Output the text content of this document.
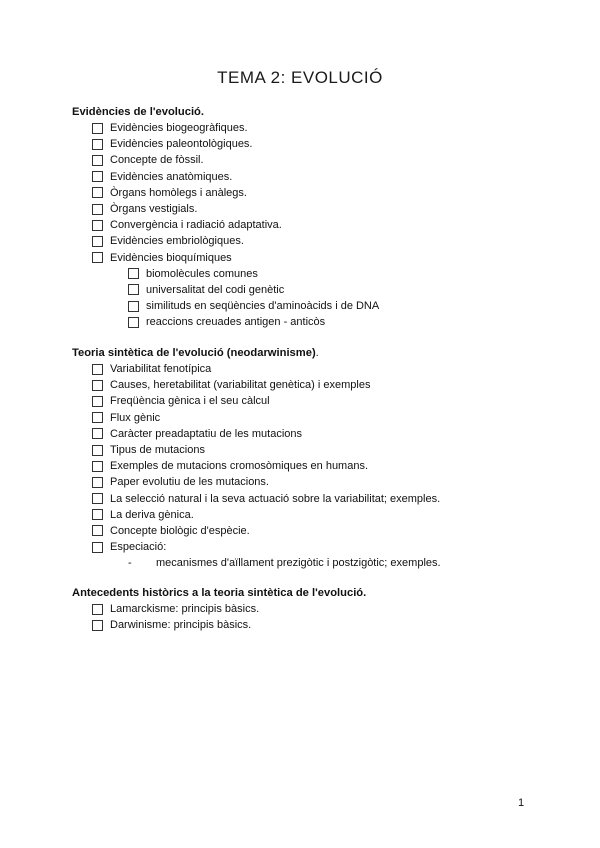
TEMA 2: EVOLUCIÓ
Evidències de l'evolució.
Evidències biogeogràfiques.
Evidències paleontològiques.
Concepte de fòssil.
Evidències anatòmiques.
Òrgans homòlegs i anàlegs.
Òrgans vestigials.
Convergència i radiació adaptativa.
Evidències embriològiques.
Evidències bioquímiques
biomolècules comunes
universalitat del codi genètic
similituds en seqüències d'aminoàcids i de DNA
reaccions creuades antigen - anticòs
Teoria sintètica de l'evolució (neodarwinisme).
Variabilitat fenotípica
Causes, heretabilitat (variabilitat genètica) i exemples
Freqüència gènica i el seu càlcul
Flux gènic
Caràcter preadaptatiu de les mutacions
Tipus de mutacions
Exemples de mutacions cromosòmiques en humans.
Paper evolutiu de les mutacions.
La selecció natural i la seva actuació sobre la variabilitat; exemples.
La deriva gènica.
Concepte biològic d'espècie.
Especiació:
-	mecanismes d'aïllament prezigòtic i postzigòtic; exemples.
Antecedents històrics a la teoria sintètica de l'evolució.
Lamarckisme: principis bàsics.
Darwinisme: principis bàsics.
1
